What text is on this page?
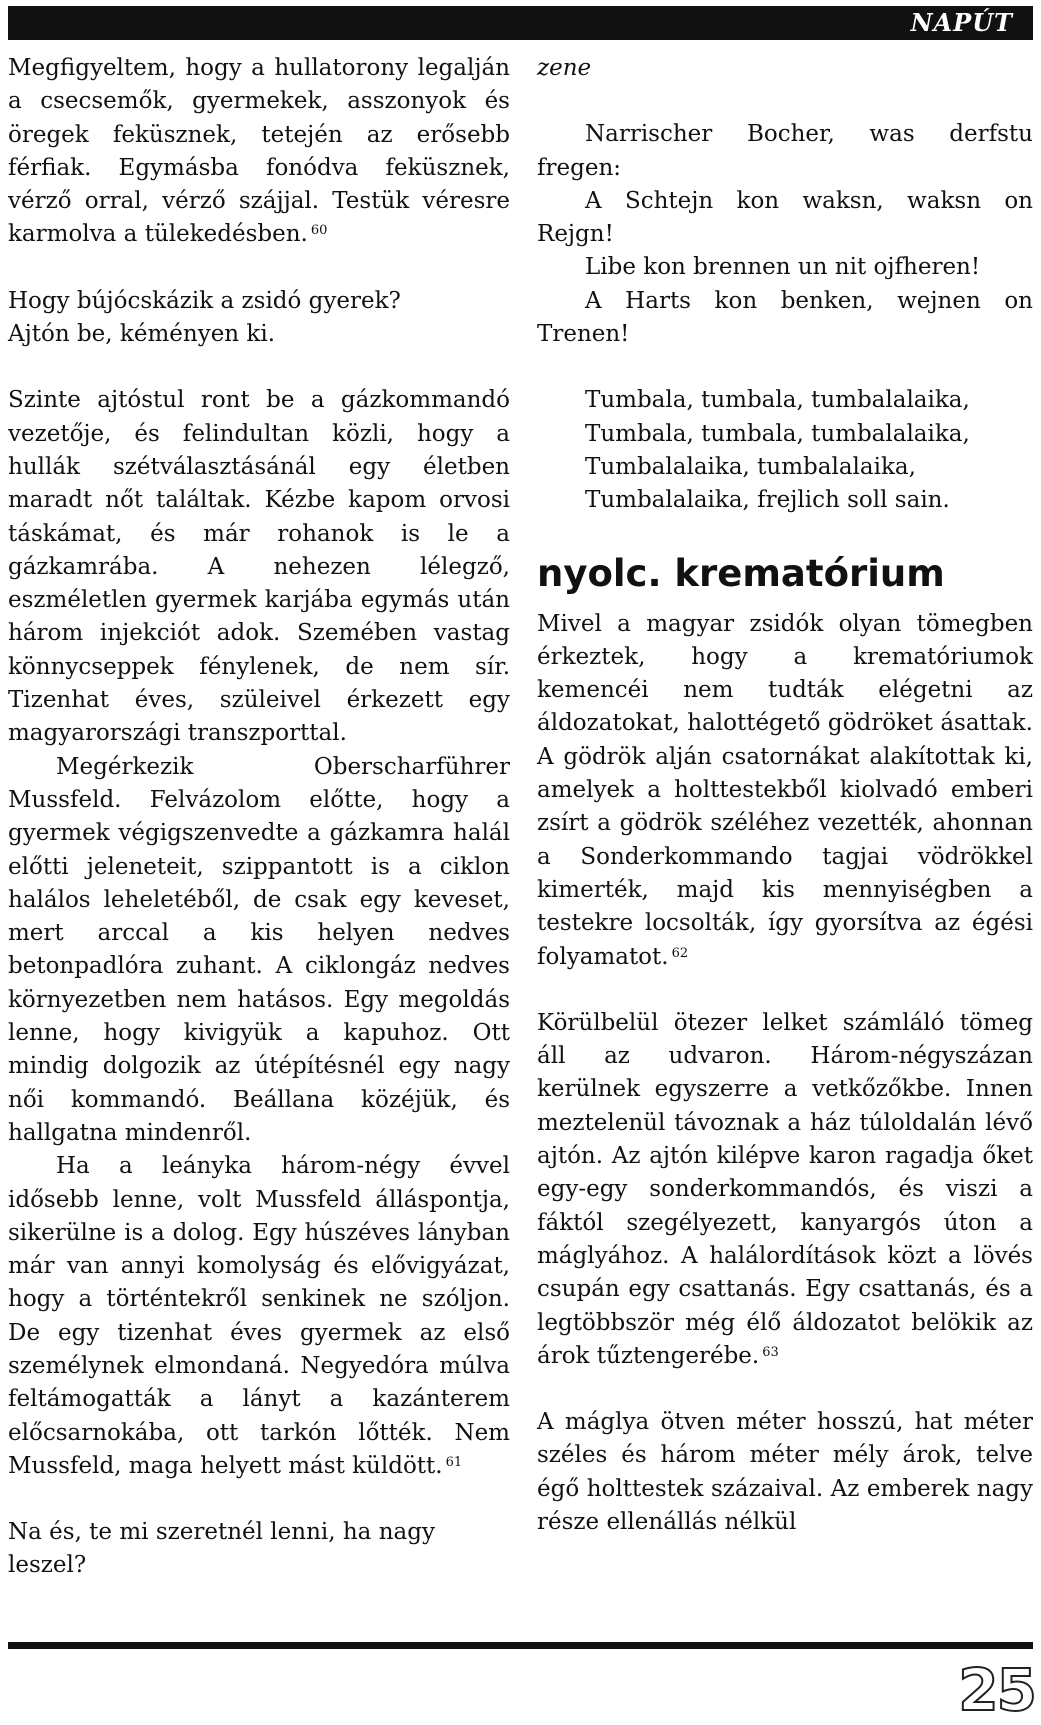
NAPÚT

Megfigyeltem, hogy a hullatorony legalján a csecsemők, gyermekek, asszonyok és öregek feküsznek, tetején az erősebb férfiak. Egymásba fonódva feküsznek, vérző orral, vérző szájjal. Testük véresre karmolva a tülekedésben. $^{60}$

Hogy bújócskázik a zsidó gyerek?
Ajtón be, kéményen ki.

Szinte ajtóstul ront be a gázkommandó vezetője, és felindultan közli, hogy a hullák szétválasztásánál egy életben maradt nőt találtak. Kézbe kapom orvosi táskámat, és már rohanok is le a gázkamrába. A nehezen lélegző, eszméletlen gyermek karjába egymás után három injekciót adok. Szemében vastag könnycseppek fénylenek, de nem sír. Tizenhat éves, szüleivel érkezett egy magyarországi transzporttal.

Megérkezik Oberscharführer Mussfeld. Felvázolom előtte, hogy a gyermek végigszenvedte a gázkamra halál előtti jeleneteit, szippantott is a ciklon halálos leheletéből, de csak egy keveset, mert arccal a kis helyen nedves betonpadlóra zuhant. A ciklongáz nedves környezetben nem hatásos. Egy megoldás lenne, hogy kivigyük a kapuhoz. Ott mindig dolgozik az útépítésnél egy nagy női kommandó. Beállana közéjük, és hallgatna mindenről.

Ha a leányka három-négy évvel idősebb lenne, volt Mussfeld álláspontja, sikerülne is a dolog. Egy húszéves lányban már van annyi komolyság és elővigyázat, hogy a történtekről senkinek ne szóljon. De egy tizenhat éves gyermek az első személynek elmondaná. Negyedóra múlva feltámogatták a lányt a kazánterem előcsarnokába, ott tarkón lőtték. Nem Mussfeld, maga helyett mást küldött. $^{61}$

Na és, te mi szeretnél lenni, ha nagy leszel?

zene

Narrischer Bocher, was derfstu fregen:

A Schtejn kon waksn, waksn on Rejgn!

Libe kon brennen un nit ojfheren!

A Harts kon benken, wejnen on Trenen!

Tumbala, tumbala, tumbalalaika,

Tumbala, tumbala, tumbalalaika,

Tumbalalaika, tumbalalaika,

Tumbalalaika, frejlich soll sain.

nyolc. krematórium

Mivel a magyar zsidók olyan tömegben érkeztek, hogy a krematóriumok kemencéi nem tudták elégetni az áldozatokat, halottégető gödröket ásattak. A gödrök alján csatornákat alakítottak ki, amelyek a holttestekből kiolvadó emberi zsírt a gödrök széléhez vezették, ahonnan a Sonderkommando tagjai vödrökkel kimerték, majd kis mennyiségben a testekre locsolták, így gyorsítva az égési folyamatot. $^{62}$

Körülbelül ötezer lelket számláló tömeg áll az udvaron. Három-négyszázan kerülnek egyszerre a vetkőzőkbe. Innen meztelenül távoznak a ház túloldalán lévő ajtón. Az ajtón kilépve karon ragadja őket egy-egy sonderkommandós, és viszi a fáktól szegélyezett, kanyargós úton a máglyához. A halálordítások közt a lövés csupán egy csattanás. Egy csattanás, és a legtöbbször még élő áldozatot belökik az árok tűztengerébe. $^{63}$

A máglya ötven méter hosszú, hat méter széles és három méter mély árok, telve égő holttestek százaival. Az emberek nagy része ellenállás nélkül

25
